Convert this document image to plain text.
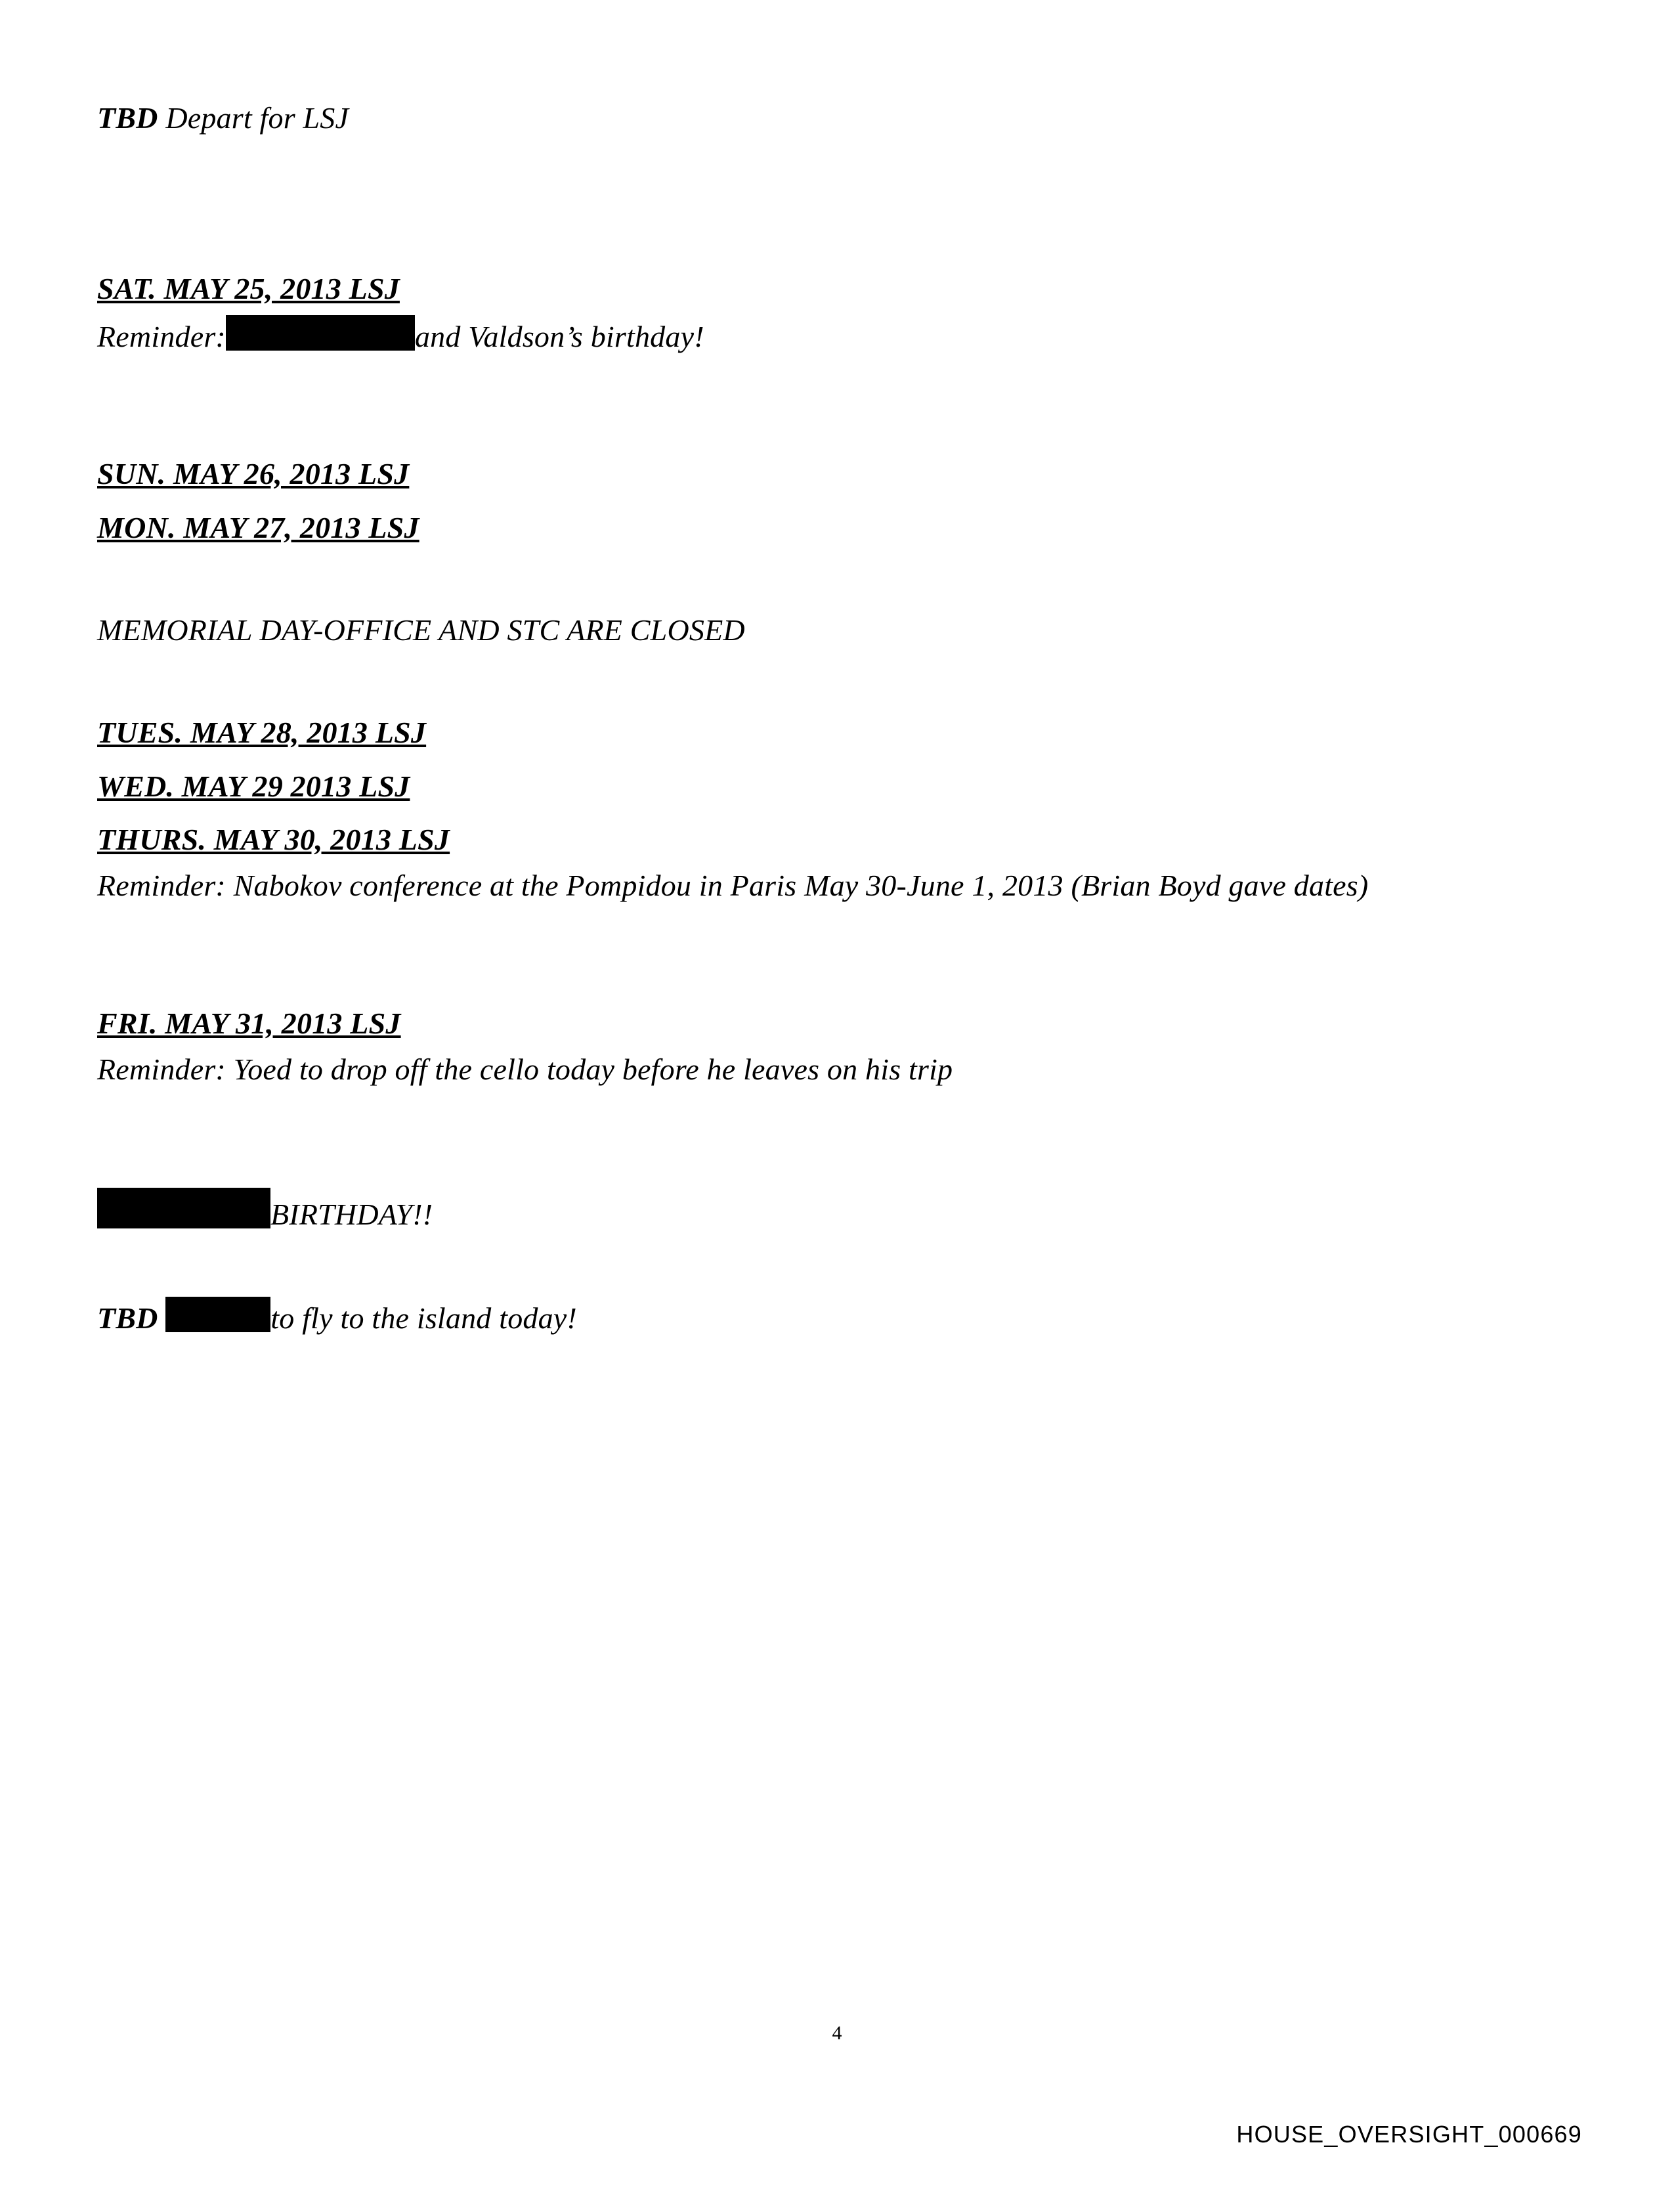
TBD Depart for LSJ
SAT. MAY 25, 2013 LSJ
Reminder:	and Valdson’s birthday!
SUN. MAY 26, 2013 LSJ
MON. MAY 27, 2013 LSJ
MEMORIAL DAY-OFFICE AND STC ARE CLOSED
TUES. MAY 28, 2013 LSJ
WED. MAY 29 2013 LSJ
THURS. MAY 30, 2013 LSJ
Reminder: Nabokov conference at the Pompidou in Paris May 30-June 1, 2013 (Brian Boyd gave dates)
FRI. MAY 31, 2013 LSJ
Reminder: Yoed to drop off the cello today before he leaves on his trip
BIRTHDAY!!
TBD	to fly to the island today!
4
HOUSE_OVERSIGHT_000669
